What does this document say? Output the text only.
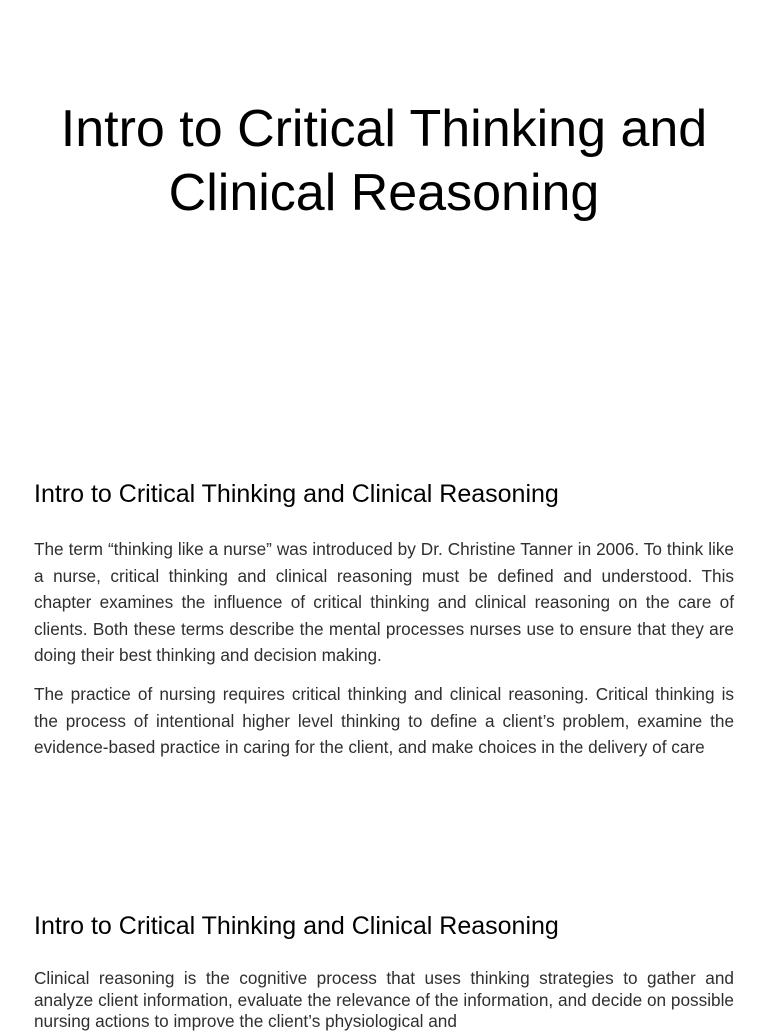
Intro to Critical Thinking and Clinical Reasoning
Intro to Critical Thinking and Clinical Reasoning

The term “thinking like a nurse” was introduced by Dr. Christine Tanner in 2006. To think like a nurse, critical thinking and clinical reasoning must be defined and understood. This chapter examines the influence of critical thinking and clinical reasoning on the care of clients. Both these terms describe the mental processes nurses use to ensure that they are doing their best thinking and decision making.

The practice of nursing requires critical thinking and clinical reasoning. Critical thinking is the process of intentional higher level thinking to define a client’s problem, examine the evidence-based practice in caring for the client, and make choices in the delivery of care

Intro to Critical Thinking and Clinical Reasoning

Clinical reasoning is the cognitive process that uses thinking strategies to gather and analyze client information, evaluate the relevance of the information, and decide on possible nursing actions to improve the client’s physiological and
